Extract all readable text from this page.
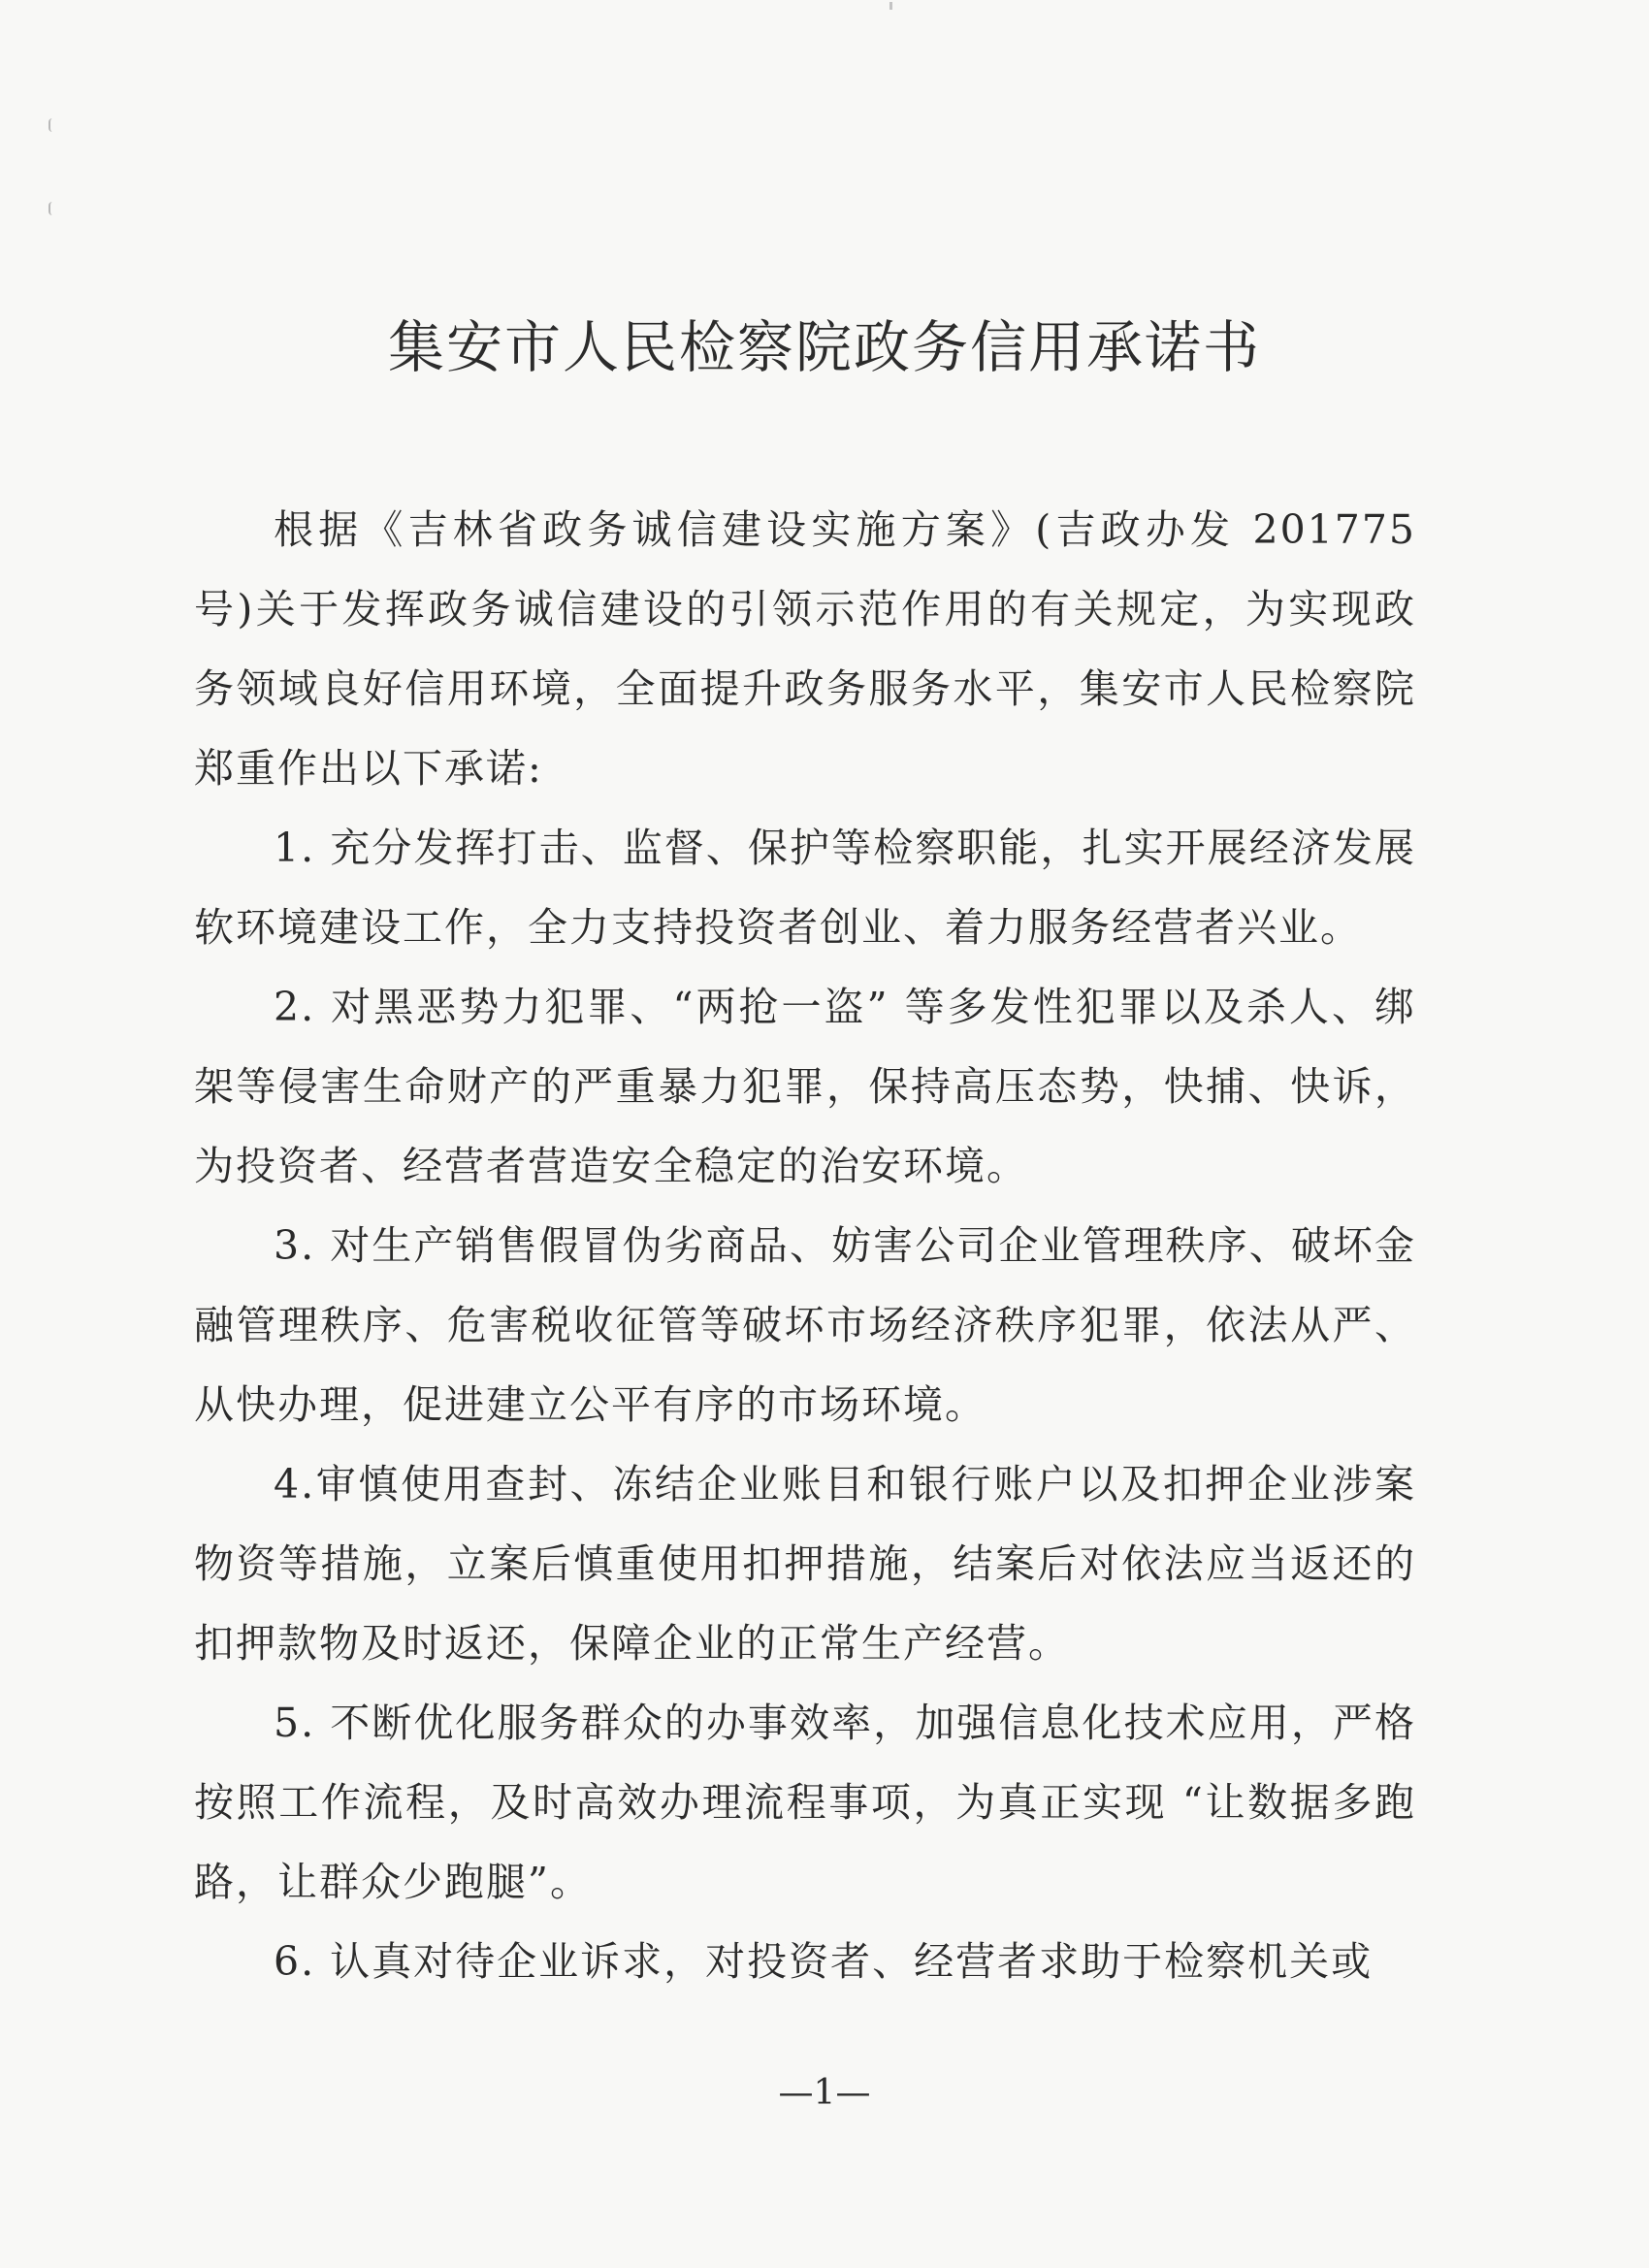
集安市人民检察院政务信用承诺书

根据《吉林省政务诚信建设实施方案》(吉政办发 201775 号)关于发挥政务诚信建设的引领示范作用的有关规定，为实现政务领域良好信用环境，全面提升政务服务水平，集安市人民检察院郑重作出以下承诺:

1. 充分发挥打击、监督、保护等检察职能，扎实开展经济发展软环境建设工作，全力支持投资者创业、着力服务经营者兴业。

2. 对黑恶势力犯罪、“两抢一盗” 等多发性犯罪以及杀人、绑架等侵害生命财产的严重暴力犯罪，保持高压态势，快捕、快诉，为投资者、经营者营造安全稳定的治安环境。

3. 对生产销售假冒伪劣商品、妨害公司企业管理秩序、破坏金融管理秩序、危害税收征管等破坏市场经济秩序犯罪，依法从严、从快办理，促进建立公平有序的市场环境。

4.审慎使用查封、冻结企业账目和银行账户以及扣押企业涉案物资等措施，立案后慎重使用扣押措施，结案后对依法应当返还的扣押款物及时返还，保障企业的正常生产经营。

5. 不断优化服务群众的办事效率，加强信息化技术应用，严格按照工作流程，及时高效办理流程事项，为真正实现 “让数据多跑路，让群众少跑腿”。

6. 认真对待企业诉求，对投资者、经营者求助于检察机关或

—1—
